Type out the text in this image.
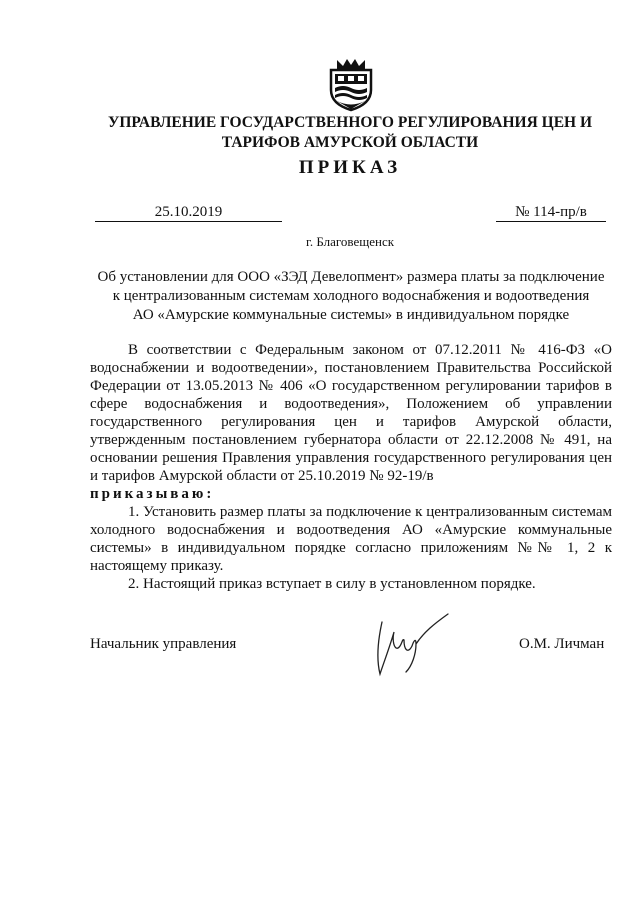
УПРАВЛЕНИЕ ГОСУДАРСТВЕННОГО РЕГУЛИРОВАНИЯ ЦЕН И
ТАРИФОВ АМУРСКОЙ ОБЛАСТИ
ПРИКАЗ
25.10.2019	№ 114-пр/в
г. Благовещенск
Об установлении для ООО «ЗЭД Девелопмент» размера платы за подключение
к централизованным системам холодного водоснабжения и водоотведения
АО «Амурские коммунальные системы» в индивидуальном порядке

В соответствии с Федеральным законом от 07.12.2011 № 416-ФЗ «О водоснабжении и водоотведении», постановлением Правительства Российской Федерации от 13.05.2013 № 406 «О государственном регулировании тарифов в сфере водоснабжения и водоотведения», Положением об управлении государственного регулирования цен и тарифов Амурской области, утвержденным постановлением губернатора области от 22.12.2008 № 491, на основании решения Правления управления государственного регулирования цен и тарифов Амурской области от 25.10.2019 № 92-19/в

приказываю:

1. Установить размер платы за подключение к централизованным системам холодного водоснабжения и водоотведения АО «Амурские коммунальные системы» в индивидуальном порядке согласно приложениям №№ 1, 2 к настоящему приказу.

2. Настоящий приказ вступает в силу в установленном порядке.

Начальник управления	О.М. Личман
